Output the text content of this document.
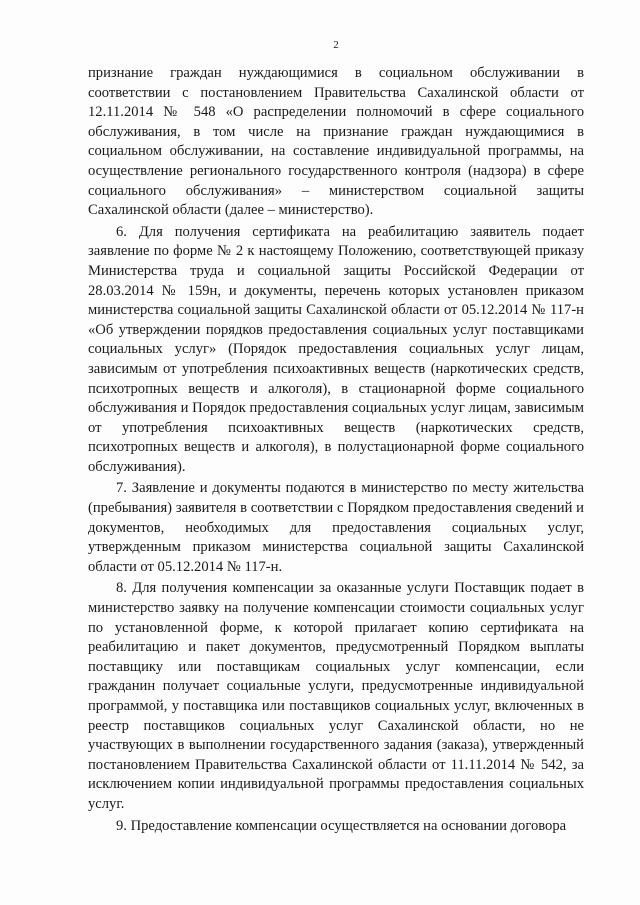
2

признание граждан нуждающимися в социальном обслуживании в соответствии с постановлением Правительства Сахалинской области от 12.11.2014 № 548 «О распределении полномочий в сфере социального обслуживания, в том числе на признание граждан нуждающимися в социальном обслуживании, на составление индивидуальной программы, на осуществление регионального государственного контроля (надзора) в сфере социального обслуживания» – министерством социальной защиты Сахалинской области (далее – министерство).

6. Для получения сертификата на реабилитацию заявитель подает заявление по форме № 2 к настоящему Положению, соответствующей приказу Министерства труда и социальной защиты Российской Федерации от 28.03.2014 № 159н, и документы, перечень которых установлен приказом министерства социальной защиты Сахалинской области от 05.12.2014 № 117-н «Об утверждении порядков предоставления социальных услуг поставщиками социальных услуг» (Порядок предоставления социальных услуг лицам, зависимым от употребления психоактивных веществ (наркотических средств, психотропных веществ и алкоголя), в стационарной форме социального обслуживания и Порядок предоставления социальных услуг лицам, зависимым от употребления психоактивных веществ (наркотических средств, психотропных веществ и алкоголя), в полустационарной форме социального обслуживания).

7. Заявление и документы подаются в министерство по месту жительства (пребывания) заявителя в соответствии с Порядком предоставления сведений и документов, необходимых для предоставления социальных услуг, утвержденным приказом министерства социальной защиты Сахалинской области от 05.12.2014 № 117-н.

8. Для получения компенсации за оказанные услуги Поставщик подает в министерство заявку на получение компенсации стоимости социальных услуг по установленной форме, к которой прилагает копию сертификата на реабилитацию и пакет документов, предусмотренный Порядком выплаты поставщику или поставщикам социальных услуг компенсации, если гражданин получает социальные услуги, предусмотренные индивидуальной программой, у поставщика или поставщиков социальных услуг, включенных в реестр поставщиков социальных услуг Сахалинской области, но не участвующих в выполнении государственного задания (заказа), утвержденный постановлением Правительства Сахалинской области от 11.11.2014 № 542, за исключением копии индивидуальной программы предоставления социальных услуг.

9. Предоставление компенсации осуществляется на основании договора
